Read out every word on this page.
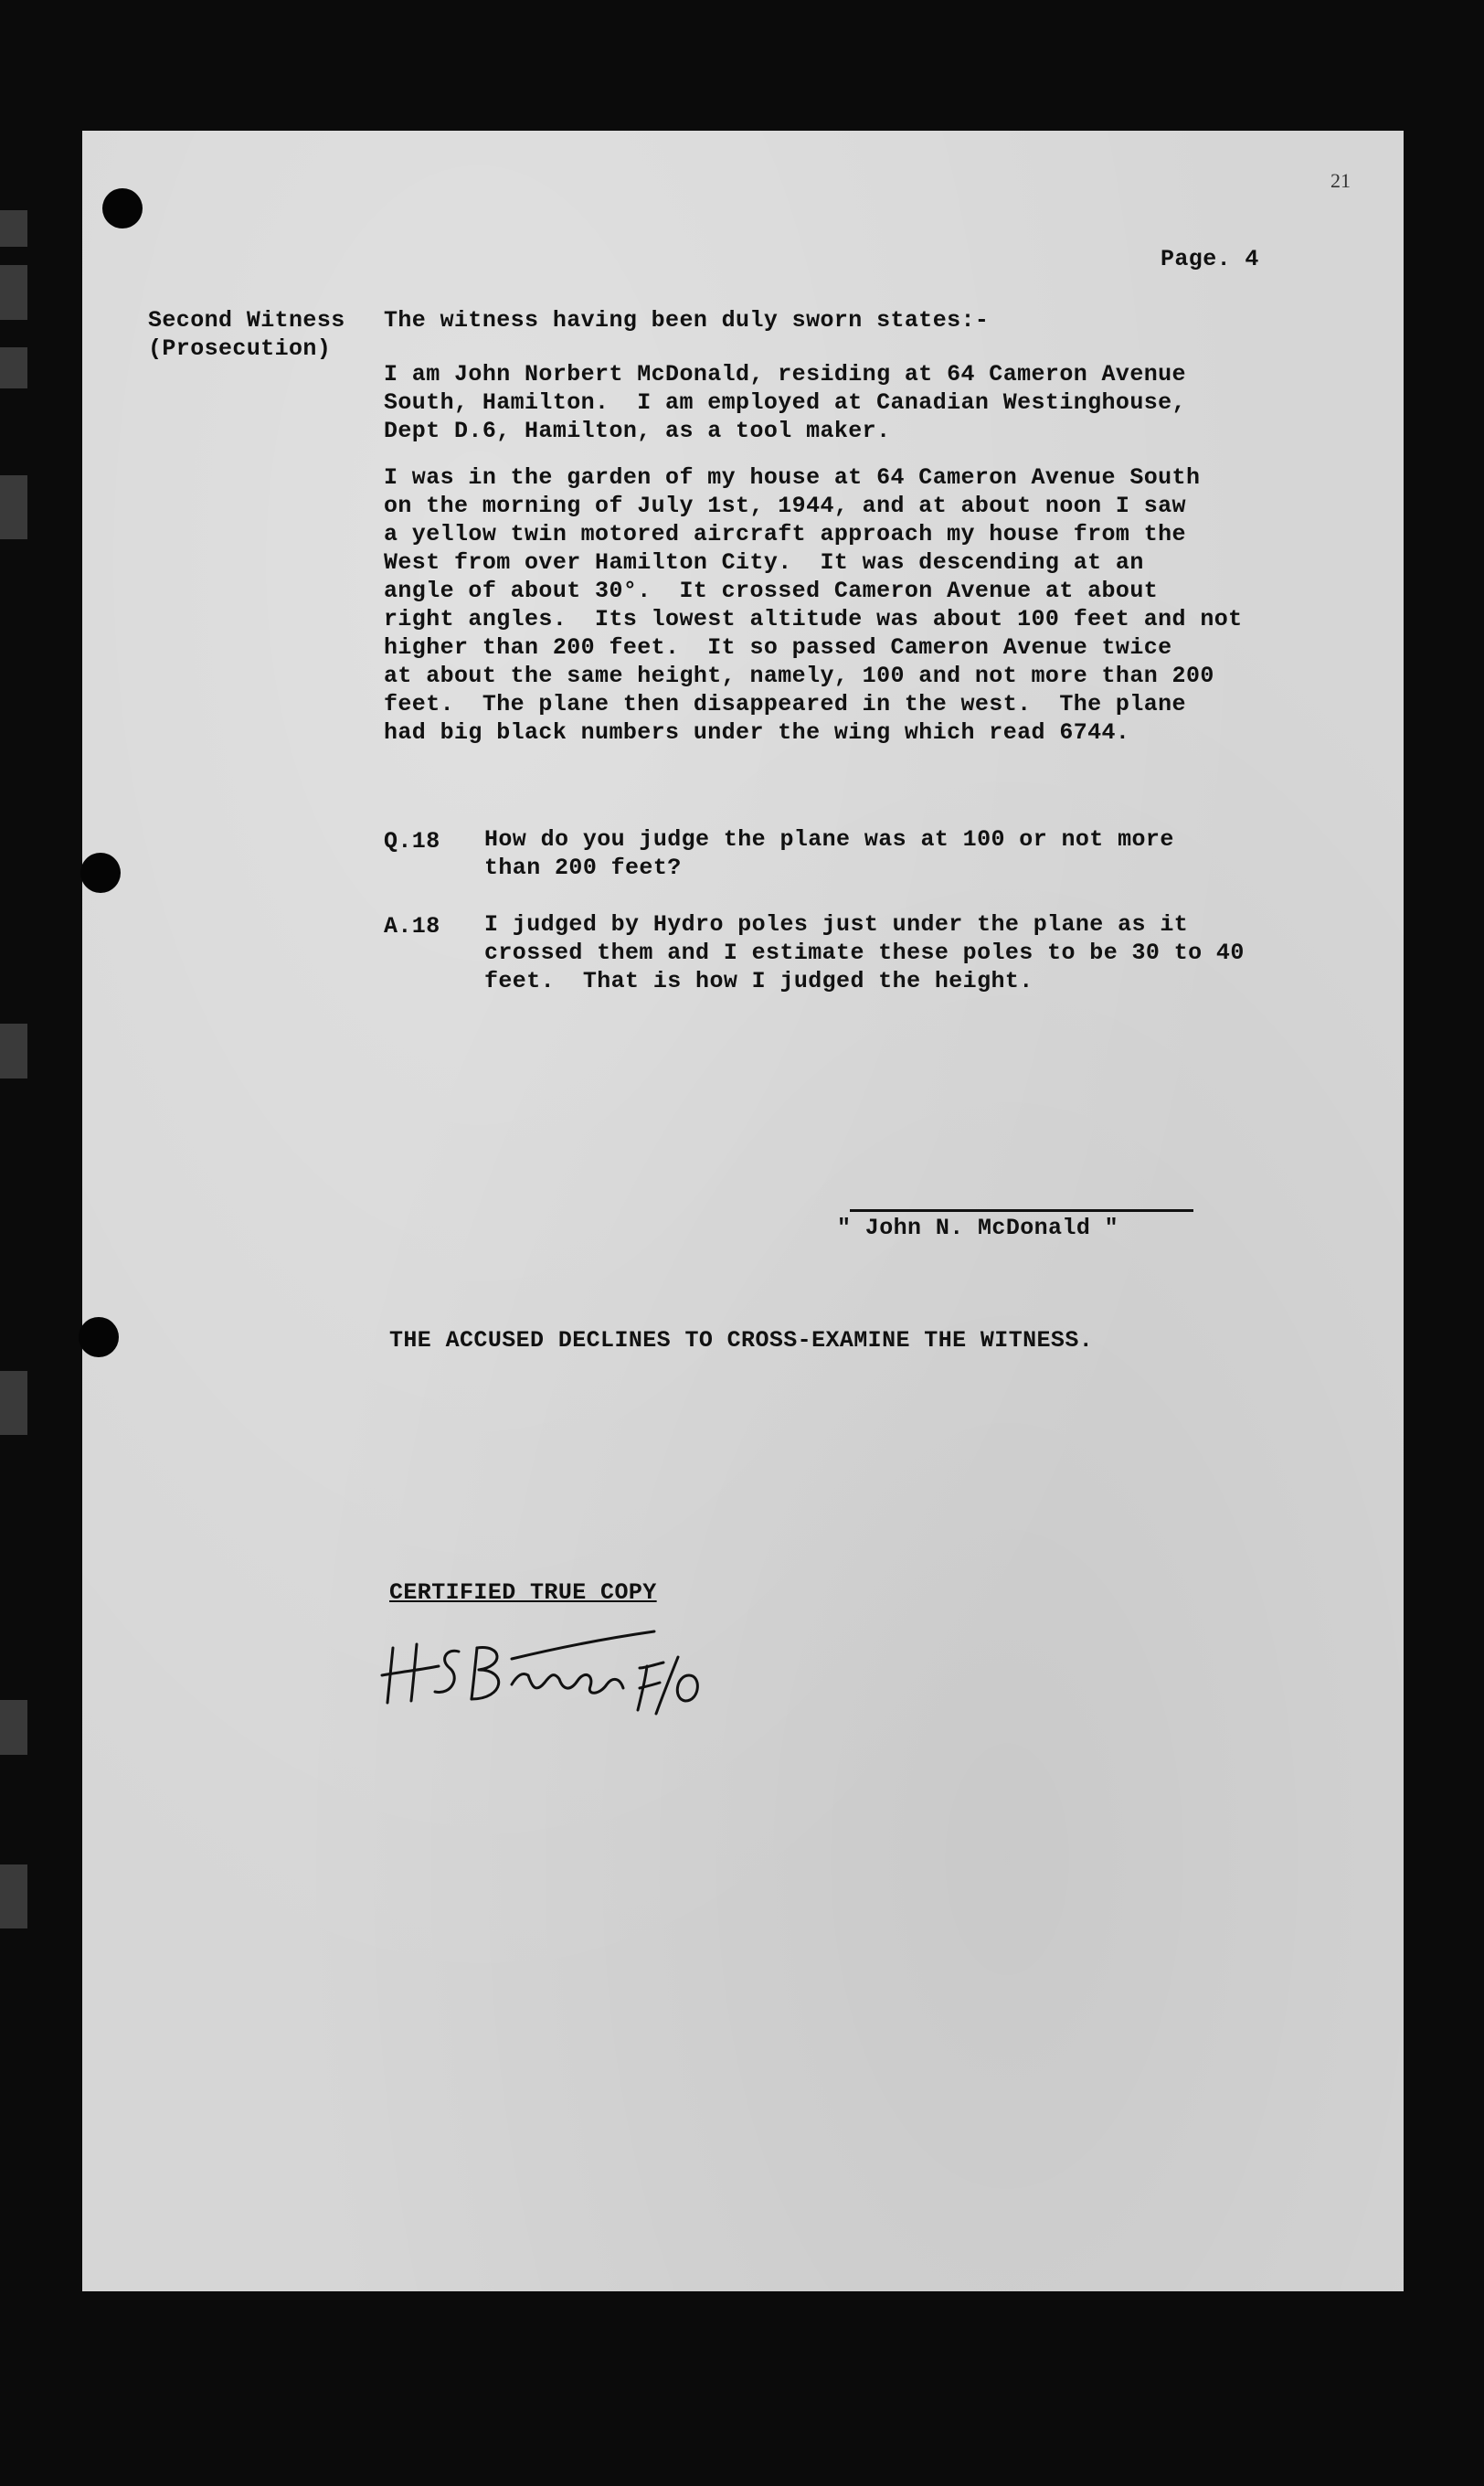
21
Page. 4
Second Witness
(Prosecution)
The witness having been duly sworn states:-
I am John Norbert McDonald, residing at 64 Cameron Avenue
South, Hamilton.  I am employed at Canadian Westinghouse,
Dept D.6, Hamilton, as a tool maker.
I was in the garden of my house at 64 Cameron Avenue South
on the morning of July 1st, 1944, and at about noon I saw
a yellow twin motored aircraft approach my house from the
West from over Hamilton City.  It was descending at an
angle of about 30°.  It crossed Cameron Avenue at about
right angles.  Its lowest altitude was about 100 feet and not
higher than 200 feet.  It so passed Cameron Avenue twice
at about the same height, namely, 100 and not more than 200
feet.  The plane then disappeared in the west.  The plane
had big black numbers under the wing which read 6744.
Q.18 How do you judge the plane was at 100 or not more
than 200 feet?
A.18 I judged by Hydro poles just under the plane as it
crossed them and I estimate these poles to be 30 to 40
feet.  That is how I judged the height.
" John N. McDonald "
THE ACCUSED DECLINES TO CROSS-EXAMINE THE WITNESS.
CERTIFIED TRUE COPY
